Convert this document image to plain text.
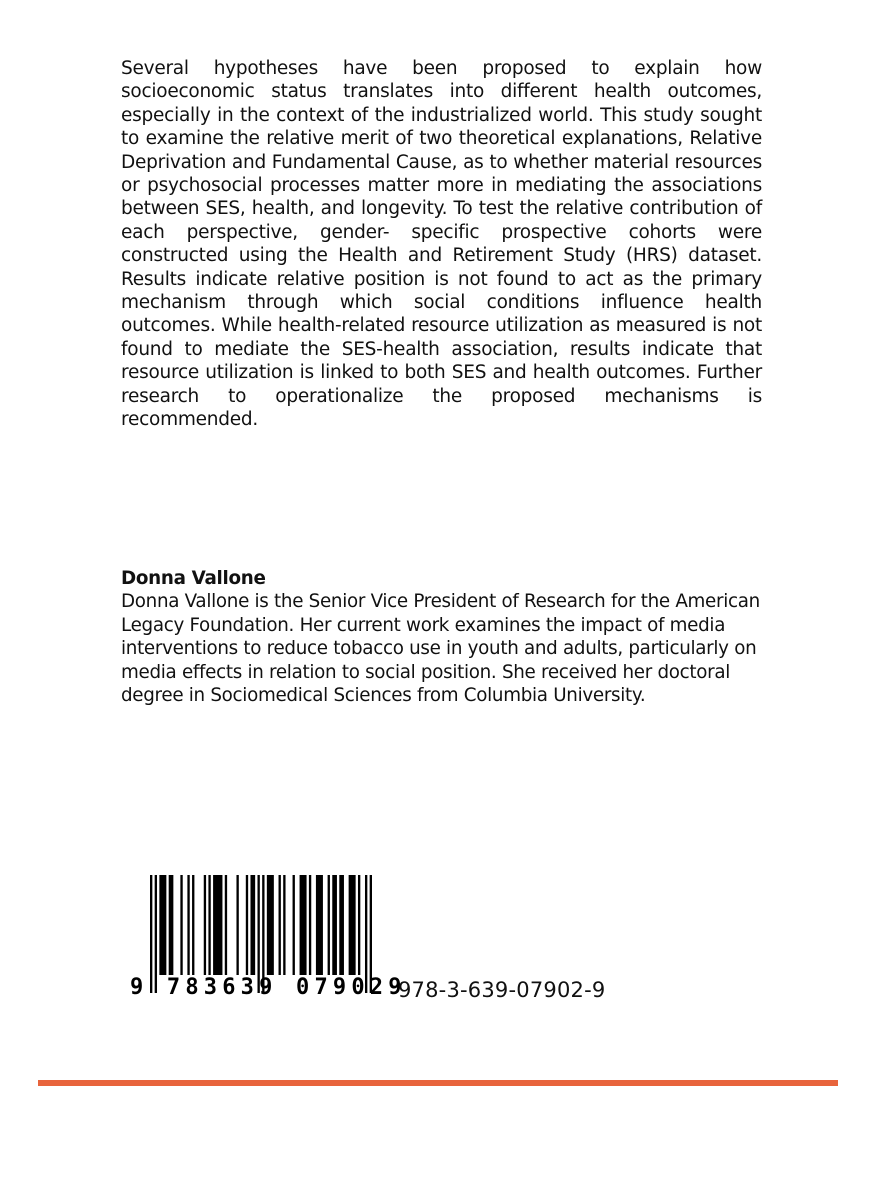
Several hypotheses have been proposed to explain how socioeconomic status translates into different health outcomes, especially in the context of the industrialized world. This study sought to examine the relative merit of two theoretical explanations, Relative Deprivation and Fundamental Cause, as to whether material resources or psychosocial processes matter more in mediating the associations between SES, health, and longevity. To test the relative contribution of each perspective, gender- specific prospective cohorts were constructed using the Health and Retirement Study (HRS) dataset. Results indicate relative position is not found to act as the primary mechanism through which social conditions influence health outcomes. While health-related resource utilization as measured is not found to mediate the SES-health association, results indicate that resource utilization is linked to both SES and health outcomes. Further research to operationalize the proposed mechanisms is recommended.

Donna Vallone

Donna Vallone is the Senior Vice President of Research for the American Legacy Foundation. Her current work examines the impact of media interventions to reduce tobacco use in youth and adults, particularly on media effects in relation to social position. She received her doctoral degree in Sociomedical Sciences from Columbia University.

9 783639 079029
978-3-639-07902-9
